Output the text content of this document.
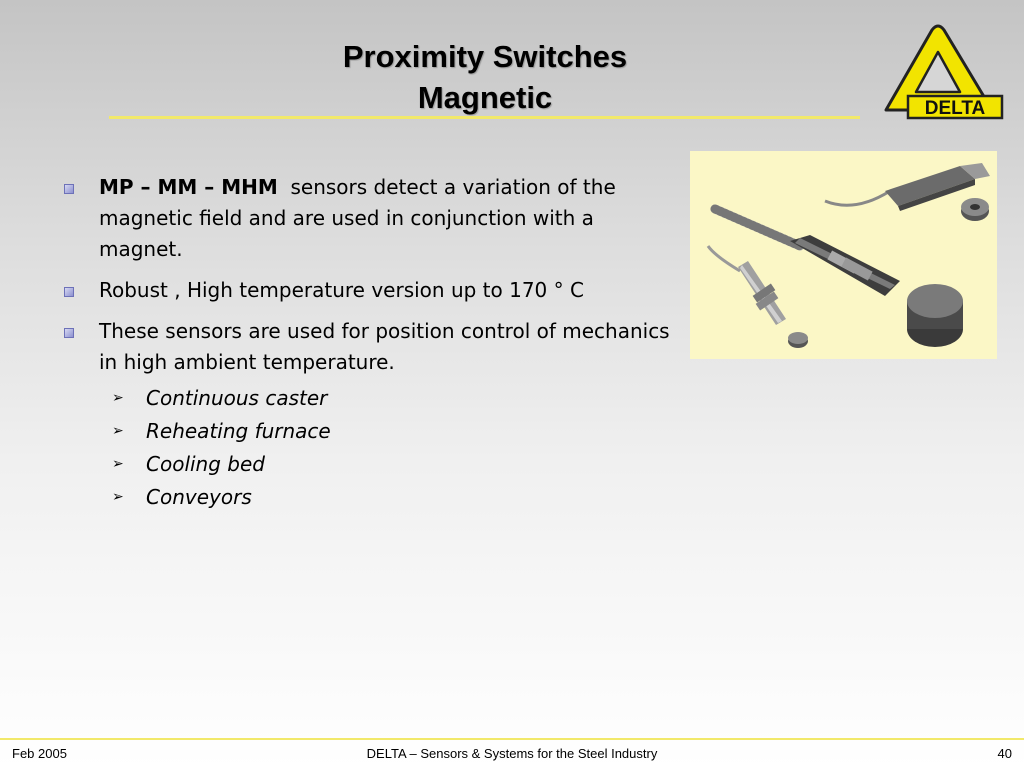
Proximity Switches
Magnetic	DELTA
MP – MM – MHM sensors detect a variation of the magnetic field and are used in conjunction with a magnet.
Robust , High temperature version up to 170 ° C
These sensors are used for position control of mechanics in high ambient temperature.
➢ Continuous caster
➢ Reheating furnace
➢ Cooling bed
➢ Conveyors
Feb 2005	DELTA – Sensors & Systems for the Steel Industry	40
